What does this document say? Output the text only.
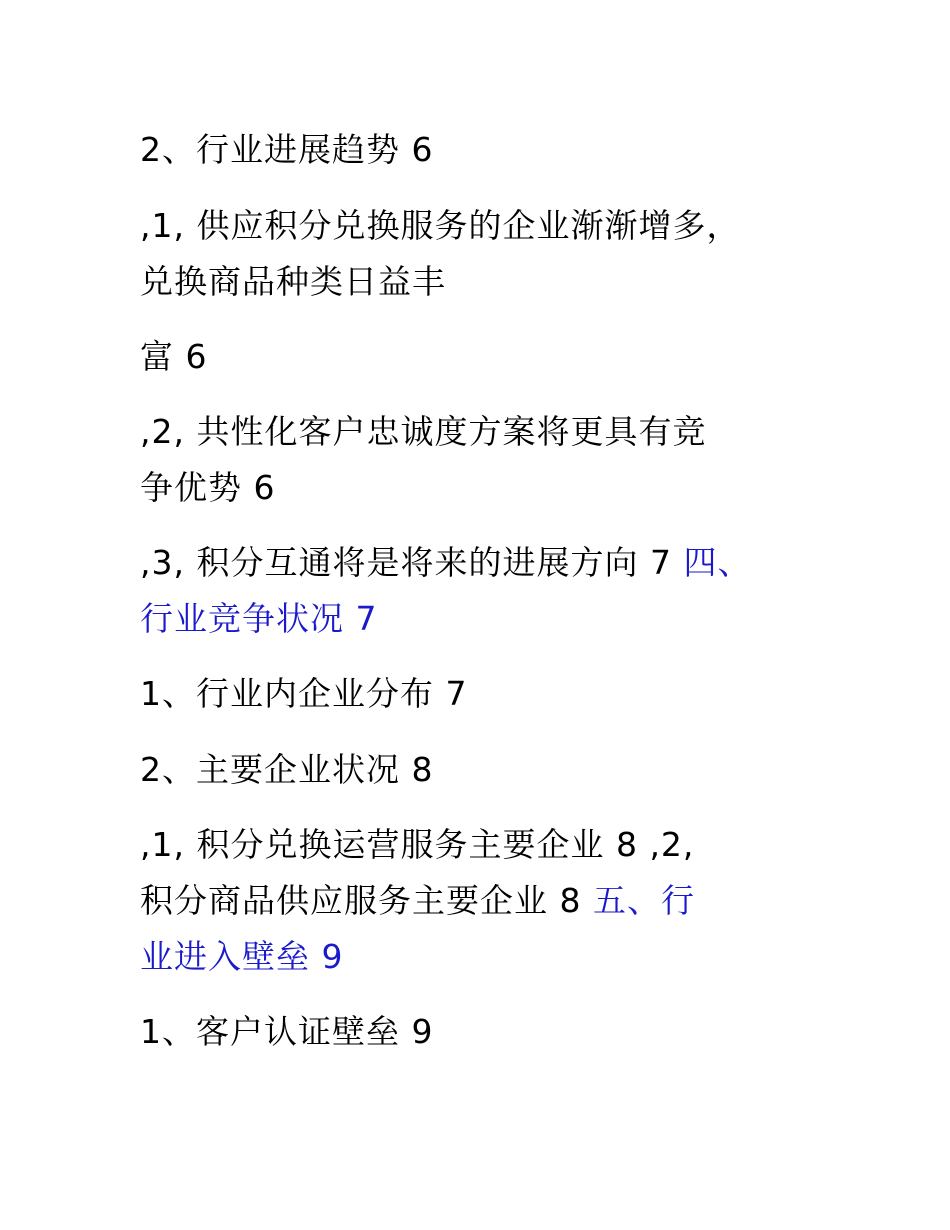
2、行业进展趋势 6
,1, 供应积分兑换服务的企业渐渐增多，
兑换商品种类日益丰
富 6
,2, 共性化客户忠诚度方案将更具有竞
争优势 6
,3, 积分互通将是将来的进展方向 7 四、
行业竞争状况 7
1、行业内企业分布 7
2、主要企业状况 8
,1, 积分兑换运营服务主要企业 8 ,2,
积分商品供应服务主要企业 8 五、行
业进入壁垒 9
1、客户认证壁垒 9
